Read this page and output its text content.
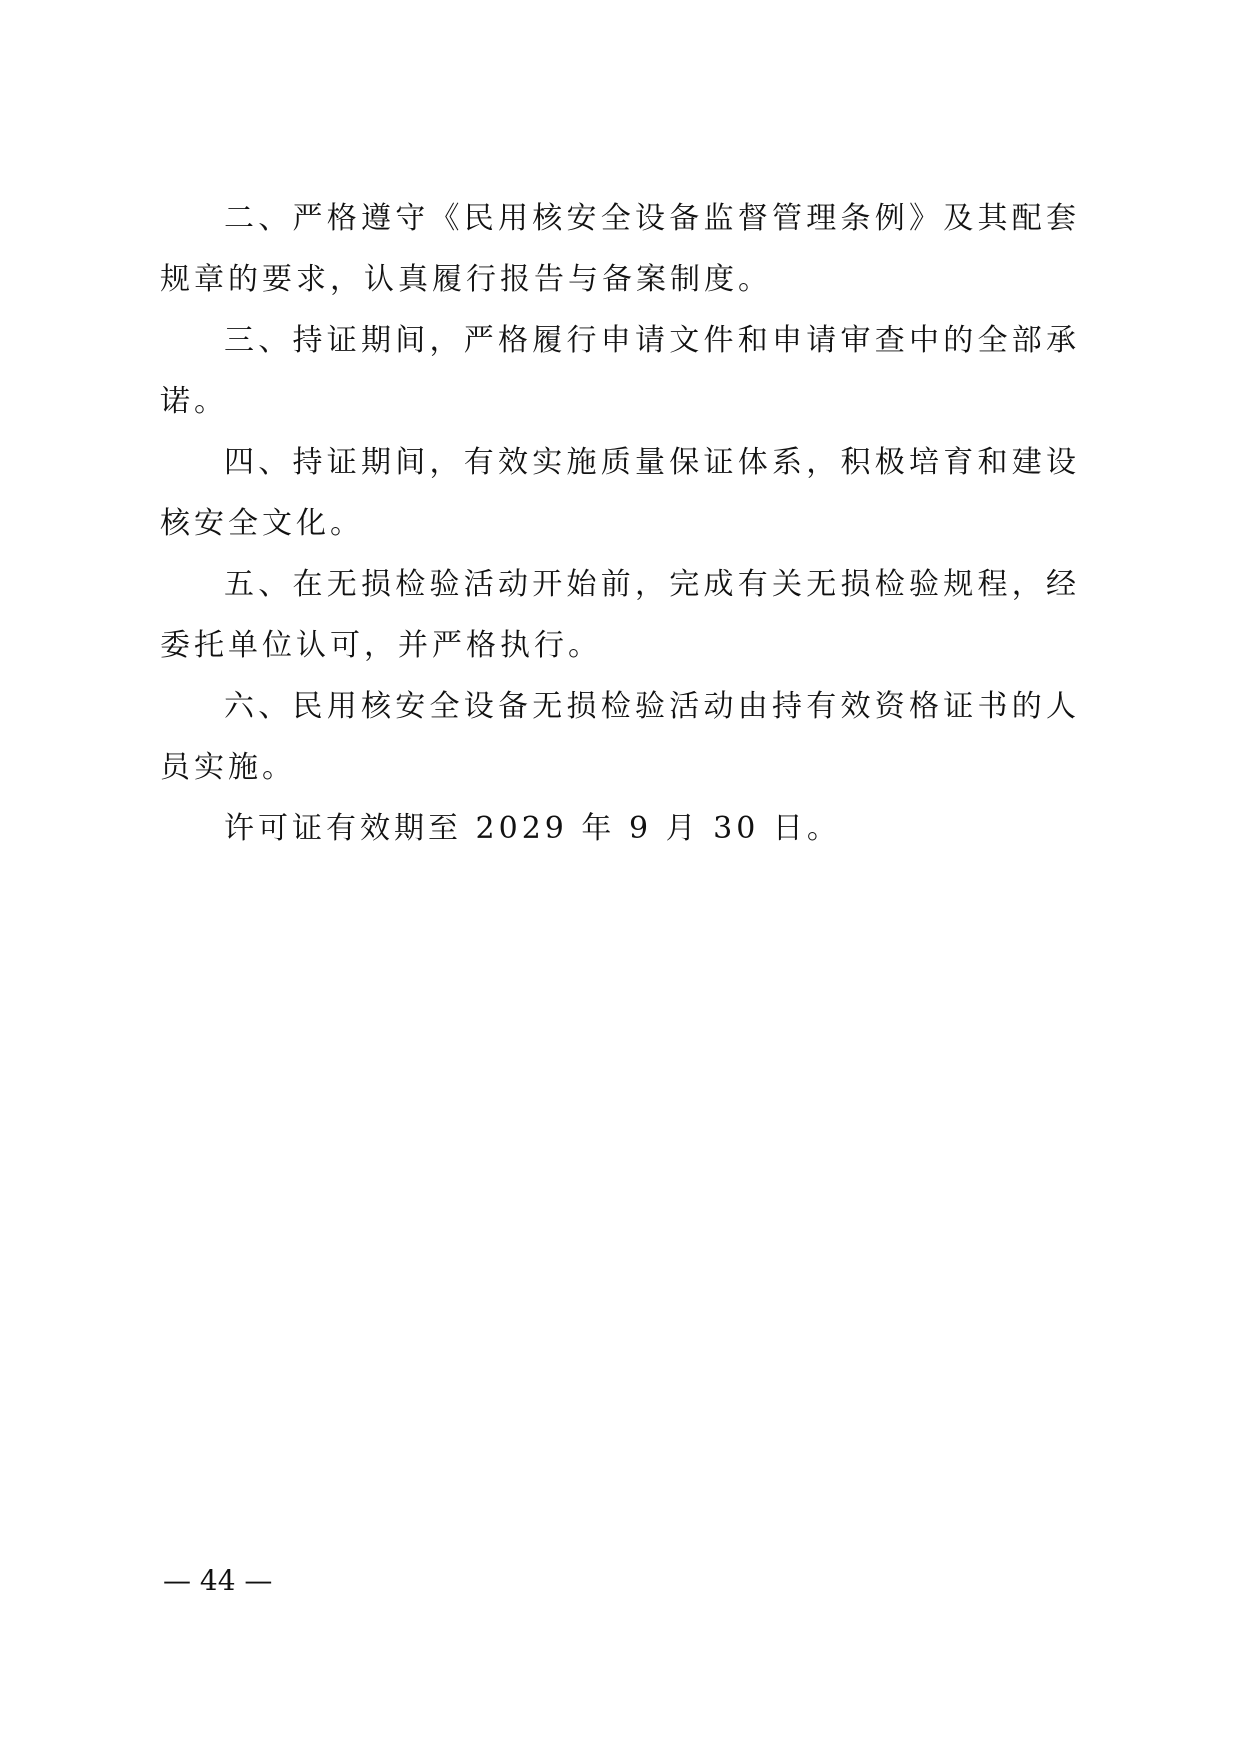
二、严格遵守《民用核安全设备监督管理条例》及其配套规章的要求，认真履行报告与备案制度。

三、持证期间，严格履行申请文件和申请审查中的全部承诺。

四、持证期间，有效实施质量保证体系，积极培育和建设核安全文化。

五、在无损检验活动开始前，完成有关无损检验规程，经委托单位认可，并严格执行。

六、民用核安全设备无损检验活动由持有效资格证书的人员实施。

许可证有效期至 2029 年 9 月 30 日。

— 44 —
